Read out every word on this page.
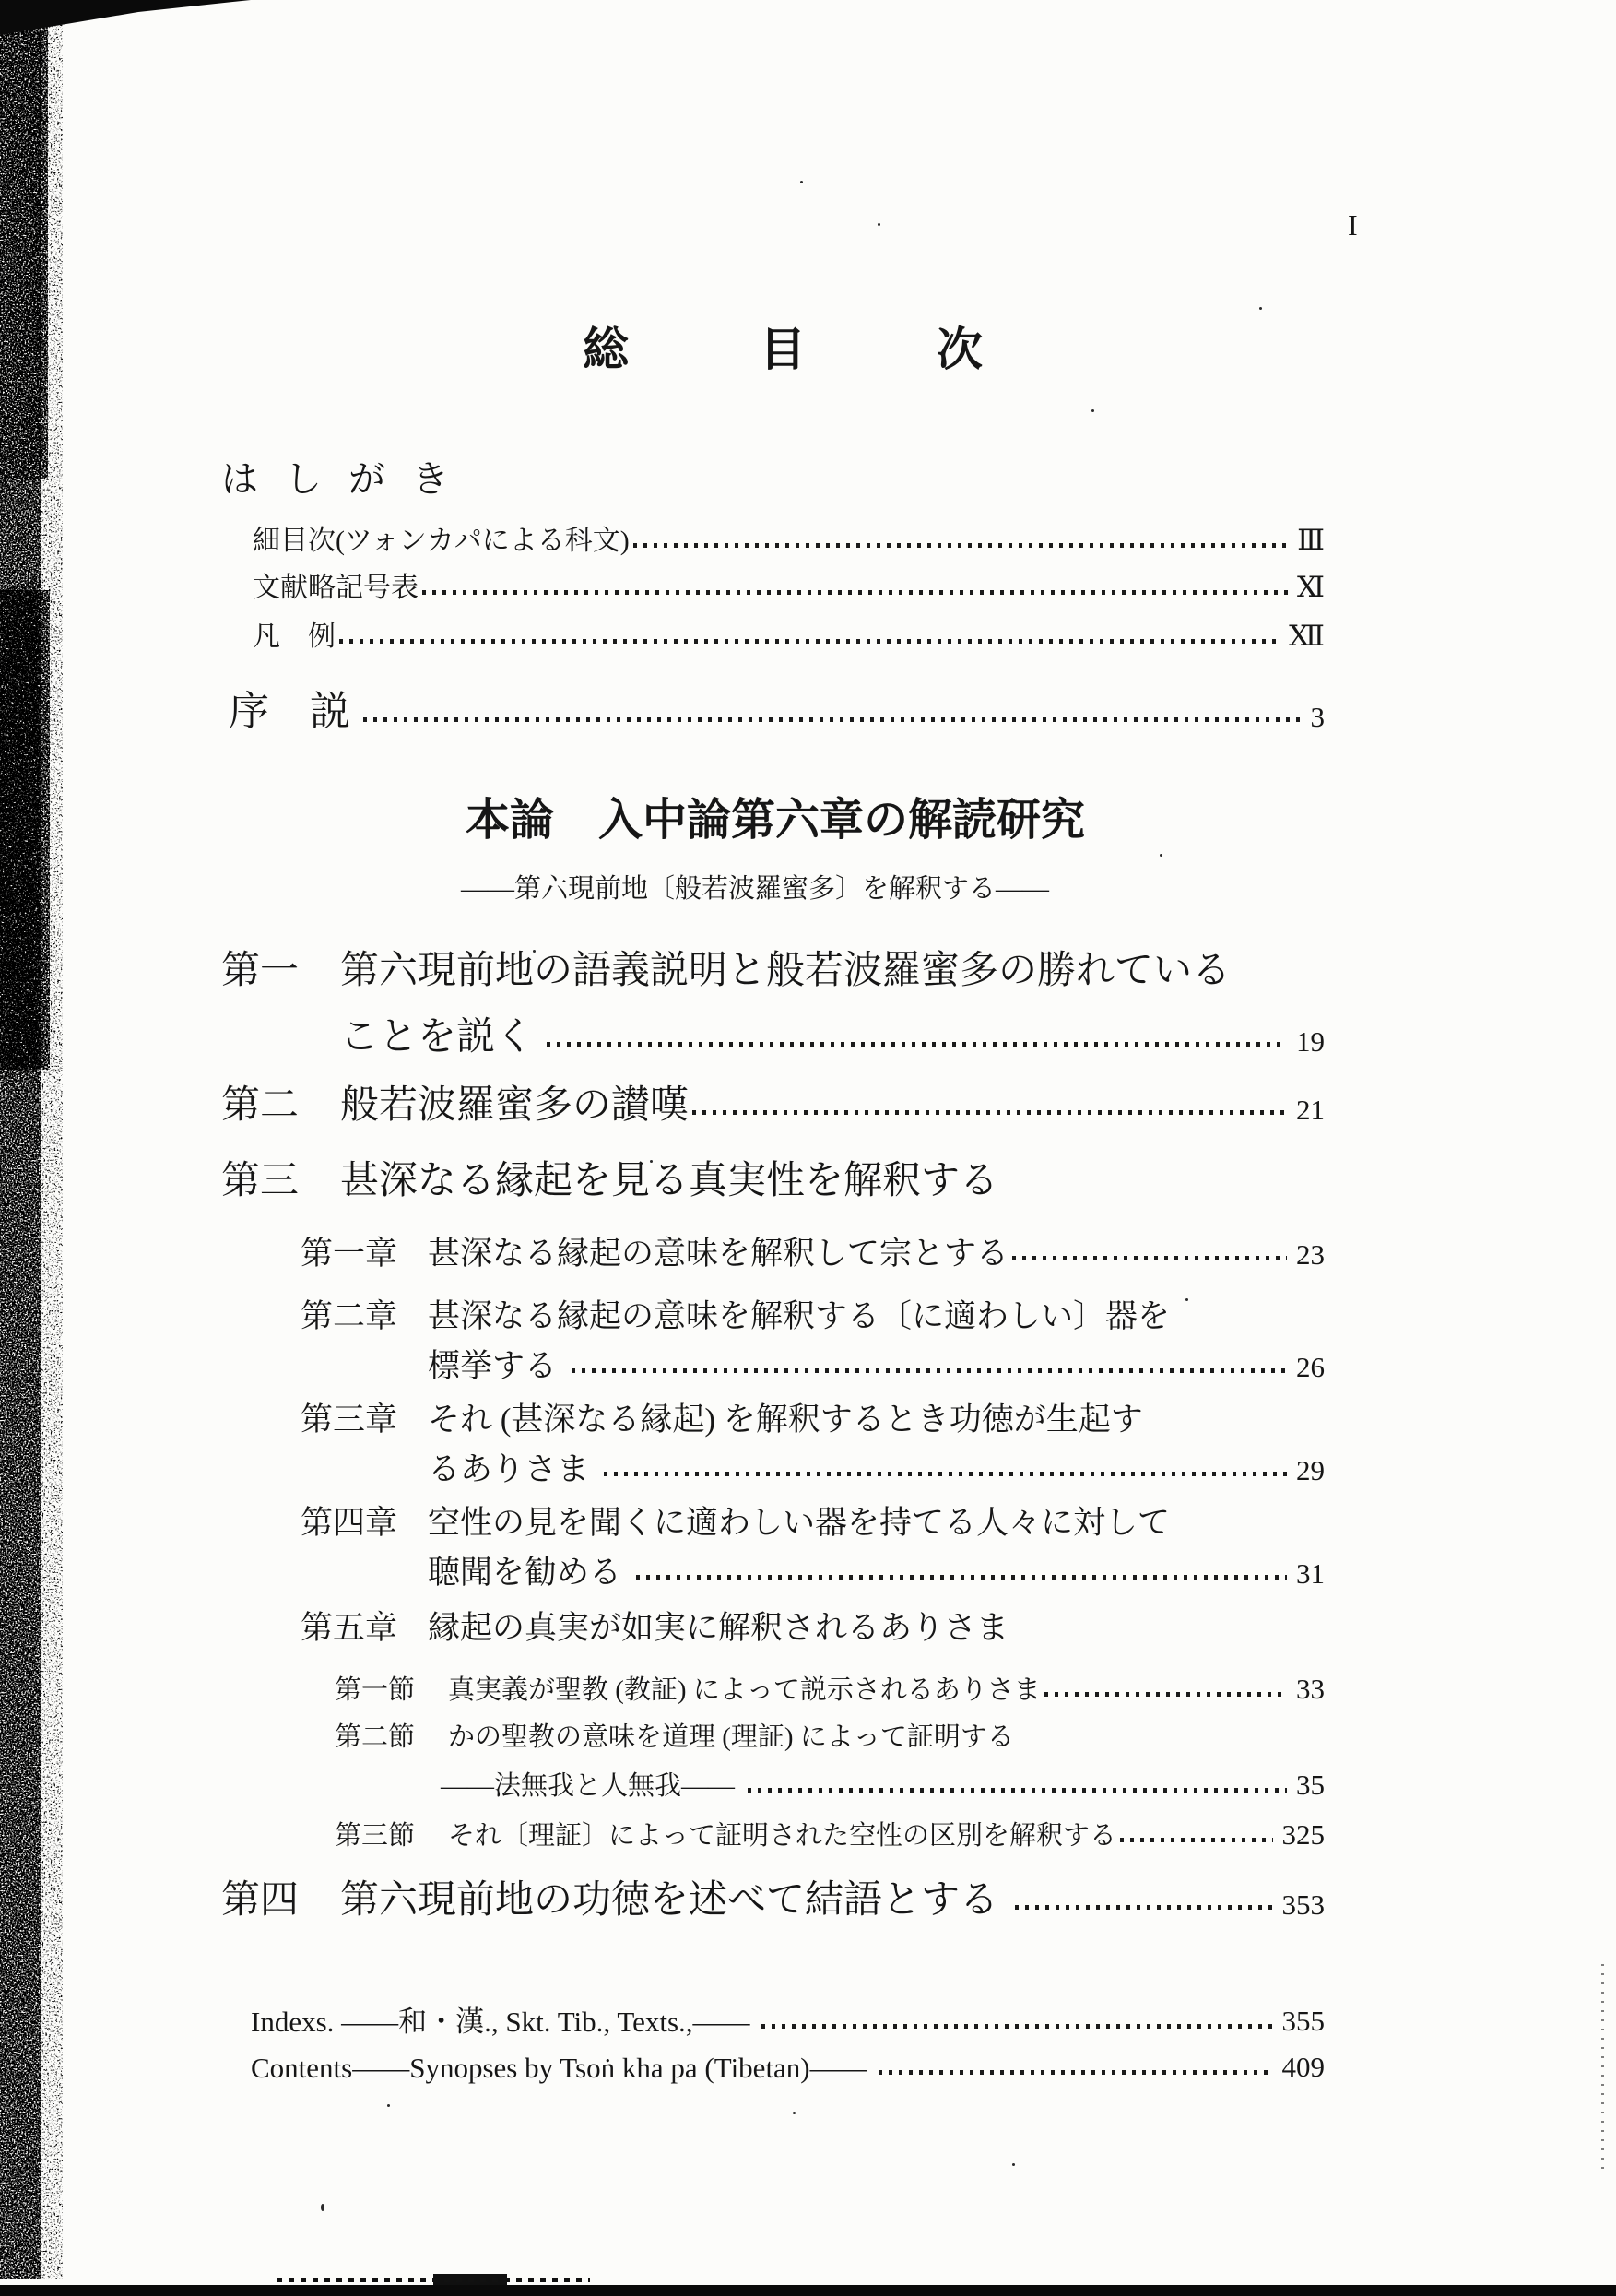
I
総目次
はしがき
細目次(ツォンカパによる科文)	Ⅲ
文献略記号表	Ⅺ
凡　例	Ⅻ
序　説	3
本論　入中論第六章の解読研究
——第六現前地〔般若波羅蜜多〕を解釈する——
第一	第六現前地の語義説明と般若波羅蜜多の勝れている
ことを説く	19
第二	般若波羅蜜多の讃嘆	21
第三	甚深なる縁起を見る真実性を解釈する
第一章 甚深なる縁起の意味を解釈して宗とする	23
第二章 甚深なる縁起の意味を解釈する〔に適わしい〕器を
標挙する	26
第三章 それ (甚深なる縁起) を解釈するとき功徳が生起す
るありさま	29
第四章 空性の見を聞くに適わしい器を持てる人々に対して
聴聞を勧める	31
第五章 縁起の真実が如実に解釈されるありさま
第一節	真実義が聖教 (教証) によって説示されるありさま	33
第二節	かの聖教の意味を道理 (理証) によって証明する
——法無我と人無我——	35
第三節	それ〔理証〕によって証明された空性の区別を解釈する	325
第四	第六現前地の功徳を述べて結語とする	353
Indexs. ——和・漢., Skt. Tib., Texts.,——	355
Contents——Synopses by Tsoṅ kha pa (Tibetan)——	409
